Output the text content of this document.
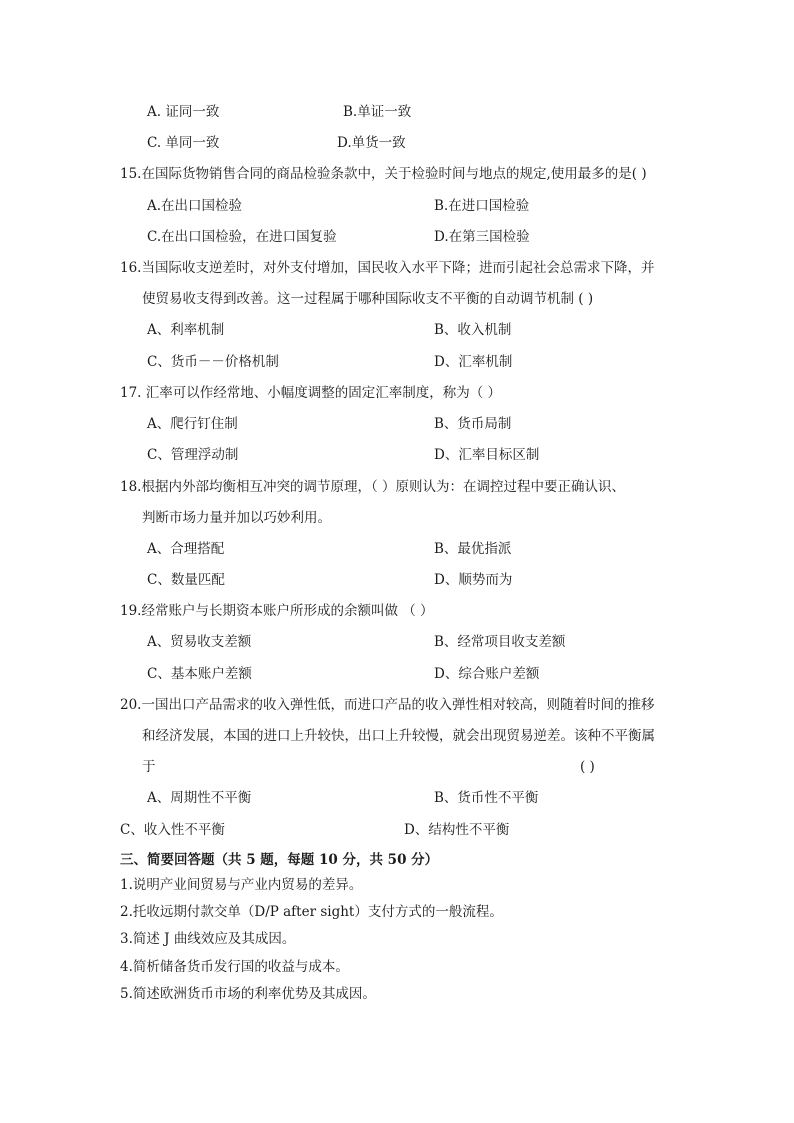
A. 证同一致	B.单证一致
C. 单同一致	D.单货一致
15.在国际货物销售合同的商品检验条款中，关于检验时间与地点的规定,使用最多的是( )
A.在出口国检验	B.在进口国检验
C.在出口国检验，在进口国复验	D.在第三国检验
16.当国际收支逆差时，对外支付增加，国民收入水平下降；进而引起社会总需求下降，并
使贸易收支得到改善。这一过程属于哪种国际收支不平衡的自动调节机制 ( )
A、利率机制	B、收入机制
C、货币－－价格机制	D、汇率机制
17. 汇率可以作经常地、小幅度调整的固定汇率制度，称为（ ）
A、爬行钉住制	B、货币局制
C、管理浮动制	D、汇率目标区制
18.根据内外部均衡相互冲突的调节原理，（ ）原则认为：在调控过程中要正确认识、
判断市场力量并加以巧妙利用。
A、合理搭配	B、最优指派
C、数量匹配	D、顺势而为
19.经常账户与长期资本账户所形成的余额叫做 （ ）
A、贸易收支差额	B、经常项目收支差额
C、基本账户差额	D、综合账户差额
20.一国出口产品需求的收入弹性低，而进口产品的收入弹性相对较高，则随着时间的推移
和经济发展，本国的进口上升较快，出口上升较慢，就会出现贸易逆差。该种不平衡属
于	( )
A、周期性不平衡	B、货币性不平衡
C、收入性不平衡	D、结构性不平衡
三、简要回答题（共 5 题，每题 10 分，共 50 分）
1.说明产业间贸易与产业内贸易的差异。
2.托收远期付款交单（D/P after sight）支付方式的一般流程。
3.简述 J 曲线效应及其成因。
4.简析储备货币发行国的收益与成本。
5.简述欧洲货币市场的利率优势及其成因。
